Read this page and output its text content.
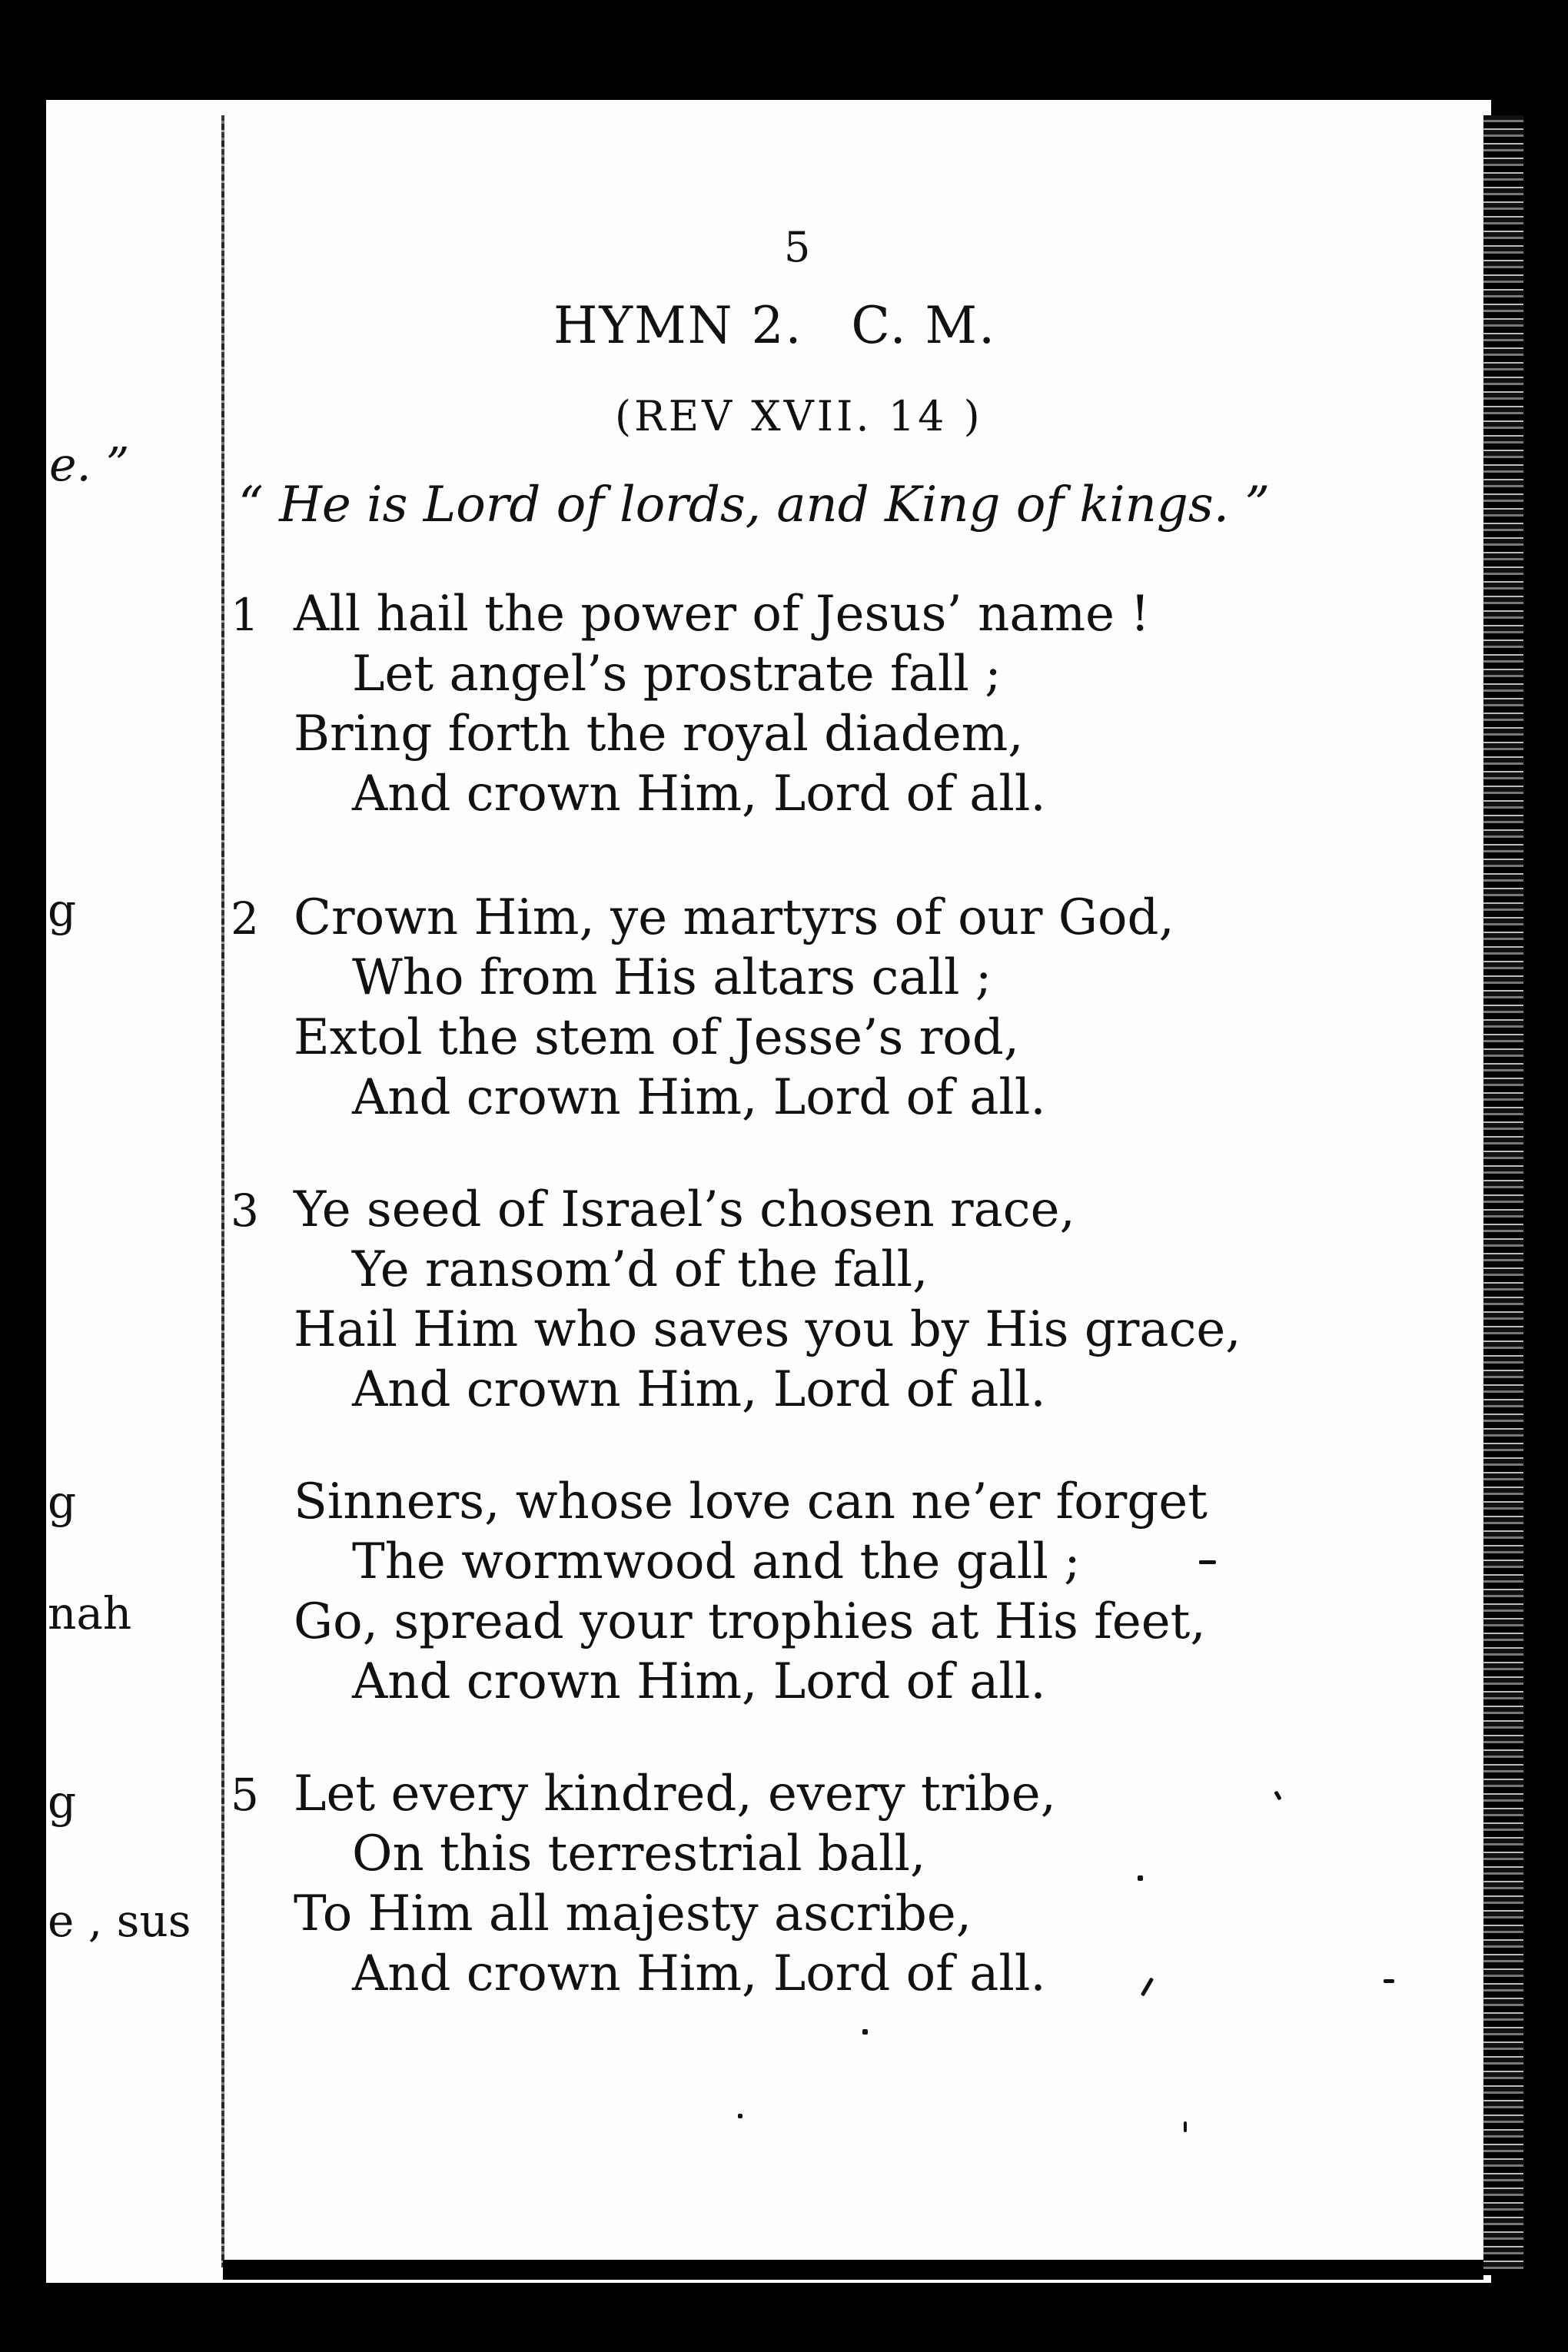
e. ”
g
g
nah
g
e , sus
5
HYMN 2. C. M.
(REV XVII. 14 )
“ He is Lord of lords, and King of kings. ”
1 All hail the power of Jesus’ name !
Let angel’s prostrate fall ;
Bring forth the royal diadem,
And crown Him, Lord of all.
2 Crown Him, ye martyrs of our God,
Who from His altars call ;
Extol the stem of Jesse’s rod,
And crown Him, Lord of all.
3 Ye seed of Israel’s chosen race,
Ye ransom’d of the fall,
Hail Him who saves you by His grace,
And crown Him, Lord of all.
Sinners, whose love can ne’er forget
The wormwood and the gall ;
Go, spread your trophies at His feet,
And crown Him, Lord of all.
5 Let every kindred, every tribe,
On this terrestrial ball,
To Him all majesty ascribe,
And crown Him, Lord of all.
